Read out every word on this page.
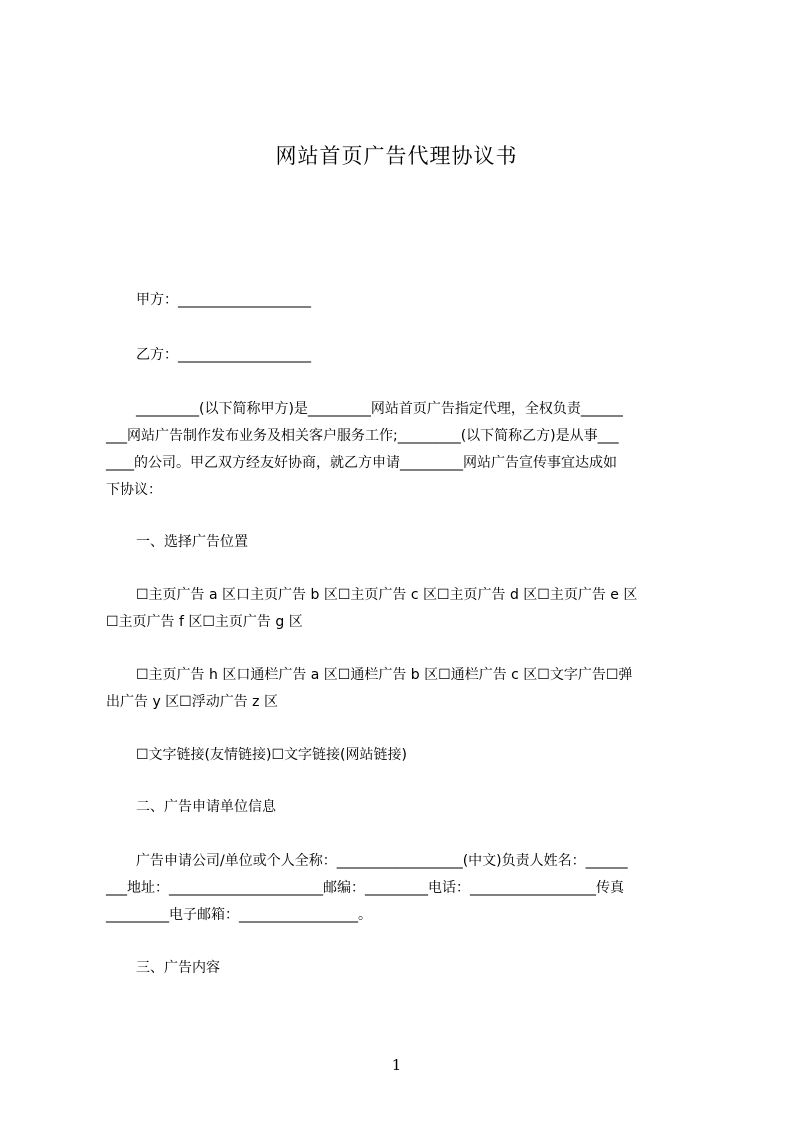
网站首页广告代理协议书
甲方：___________________
乙方：___________________
_________(以下简称甲方)是_________网站首页广告指定代理，全权负责______
___网站广告制作发布业务及相关客户服务工作;_________(以下简称乙方)是从事___
____的公司。甲乙双方经友好协商，就乙方申请_________网站广告宣传事宜达成如
下协议：
一、选择广告位置
☐主页广告 a 区口主页广告 b 区☐主页广告 c 区☐主页广告 d 区☐主页广告 e 区
☐主页广告 f 区☐主页广告 g 区
☐主页广告 h 区口通栏广告 a 区☐通栏广告 b 区☐通栏广告 c 区☐文字广告☐弹
出广告 y 区☐浮动广告 z 区
☐文字链接(友情链接)☐文字链接(网站链接)
二、广告申请单位信息
广告申请公司/单位或个人全称：__________________(中文)负责人姓名：______
___地址：______________________邮编：_________电话：__________________传真
_________电子邮箱：_________________。
三、广告内容
1
